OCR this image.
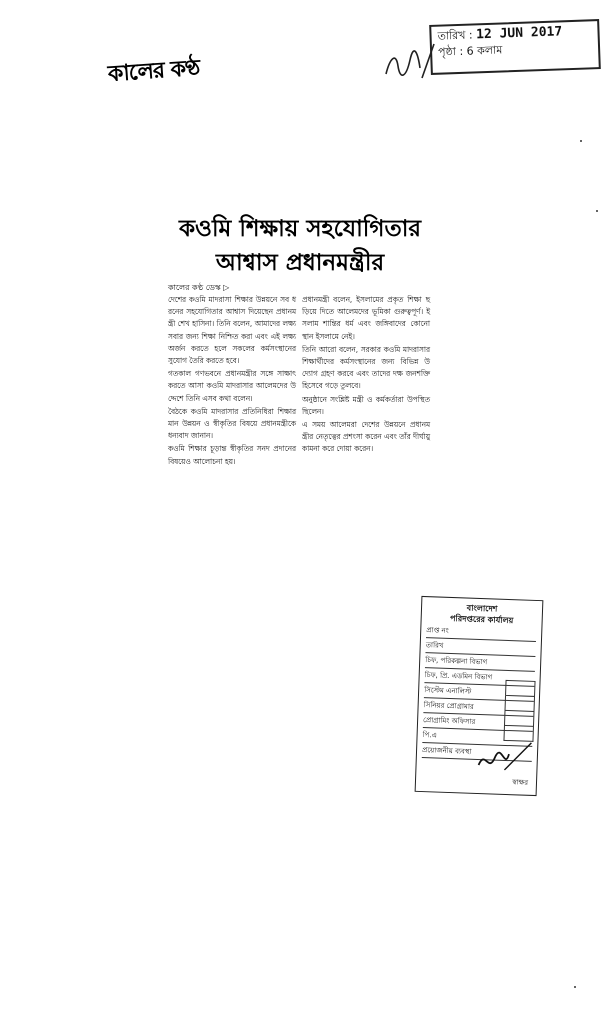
কালের কণ্ঠ
তারিখ : 12 JUN 2017
পৃষ্ঠা : 6 কলাম
কওমি শিক্ষায় সহযোগিতার
আশ্বাস প্রধানমন্ত্রীর
কালের কণ্ঠ ডেস্ক ▷

দেশের কওমি মাদরাসা শিক্ষার উন্নয়নে সব ধরনের সহযোগিতার আশ্বাস দিয়েছেন প্রধানমন্ত্রী শেখ হাসিনা। তিনি বলেন, আমাদের লক্ষ্য সবার জন্য শিক্ষা নিশ্চিত করা এবং এই লক্ষ্য অর্জন করতে হলে সকলের কর্মসংস্থানের সুযোগ তৈরি করতে হবে।

গতকাল গণভবনে প্রধানমন্ত্রীর সঙ্গে সাক্ষাৎ করতে আসা কওমি মাদরাসার আলেমদের উদ্দেশে তিনি এসব কথা বলেন।

বৈঠকে কওমি মাদরাসার প্রতিনিধিরা শিক্ষার মান উন্নয়ন ও স্বীকৃতির বিষয়ে প্রধানমন্ত্রীকে ধন্যবাদ জানান।

কওমি শিক্ষার চূড়ান্ত স্বীকৃতির সনদ প্রদানের বিষয়েও আলোচনা হয়।

প্রধানমন্ত্রী বলেন, ইসলামের প্রকৃত শিক্ষা ছড়িয়ে দিতে আলেমদের ভূমিকা গুরুত্বপূর্ণ। ইসলাম শান্তির ধর্ম এবং জঙ্গিবাদের কোনো স্থান ইসলামে নেই।

তিনি আরো বলেন, সরকার কওমি মাদরাসার শিক্ষার্থীদের কর্মসংস্থানের জন্য বিভিন্ন উদ্যোগ গ্রহণ করবে এবং তাদের দক্ষ জনশক্তি হিসেবে গড়ে তুলবে।

অনুষ্ঠানে সংশ্লিষ্ট মন্ত্রী ও কর্মকর্তারা উপস্থিত ছিলেন।

এ সময় আলেমরা দেশের উন্নয়নে প্রধানমন্ত্রীর নেতৃত্বের প্রশংসা করেন এবং তাঁর দীর্ঘায়ু কামনা করে দোয়া করেন।

বাংলাদেশ
পরিদপ্তরের কার্যালয়
প্রাপ্ত নং
তারিখ
চিফ, পরিকল্পনা বিভাগ
চিফ, প্রি. এডমিন বিভাগ
সিস্টেম এনালিস্ট
সিনিয়র প্রোগ্রামার
প্রোগ্রামিং অফিসার
পি.এ
প্রয়োজনীয় ব্যবস্থা
স্বাক্ষর
